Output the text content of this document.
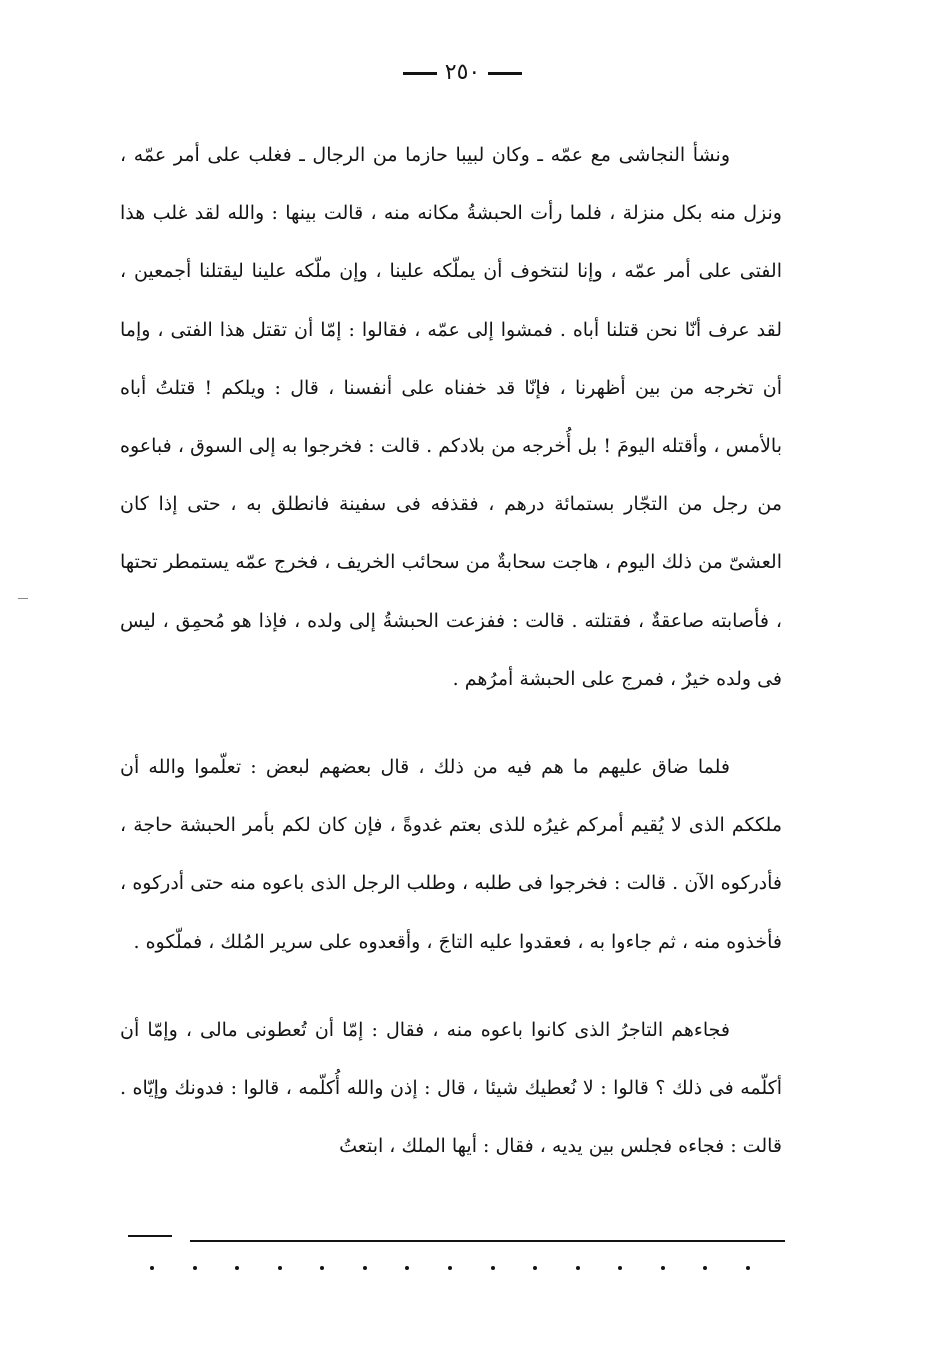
٢٥٠

ونشأ النجاشى مع عمّه ـ وكان لبيبا حازما من الرجال ـ فغلب على أمر عمّه ، ونزل منه بكل منزلة ، فلما رأت الحبشةُ مكانه منه ، قالت بينها : والله لقد غلب هذا الفتى على أمر عمّه ، وإنا لنتخوف أن يملّكه علينا ، وإن ملّكه علينا ليقتلنا أجمعين ، لقد عرف أنّا نحن قتلنا أباه . فمشوا إلى عمّه ، فقالوا : إمّا أن تقتل هذا الفتى ، وإما أن تخرجه من بين أظهرنا ، فإنّا قد خفناه على أنفسنا ، قال : ويلكم ! قتلتُ أباه بالأمس ، وأقتله اليومَ ! بل أُخرجه من بلادكم . قالت : فخرجوا به إلى السوق ، فباعوه من رجل من التجّار بستمائة درهم ، فقذفه فى سفينة فانطلق به ، حتى إذا كان العشىّ من ذلك اليوم ، هاجت سحابةٌ من سحائب الخريف ، فخرج عمّه يستمطر تحتها ، فأصابته صاعقةٌ ، فقتلته . قالت : ففزعت الحبشةُ إلى ولده ، فإذا هو مُحمِق ، ليس فى ولده خيرٌ ، فمرج على الحبشة أمرُهم .

فلما ضاق عليهم ما هم فيه من ذلك ، قال بعضهم لبعض : تعلّموا والله أن ملككم الذى لا يُقيم أمركم غيرُه للذى بعتم غدوةً ، فإن كان لكم بأمر الحبشة حاجة ، فأدركوه الآن . قالت : فخرجوا فى طلبه ، وطلب الرجل الذى باعوه منه حتى أدركوه ، فأخذوه منه ، ثم جاءوا به ، فعقدوا عليه التاجَ ، وأقعدوه على سرير المُلك ، فملّكوه .

فجاءهم التاجرُ الذى كانوا باعوه منه ، فقال : إمّا أن تُعطونى مالى ، وإمّا أن أكلّمه فى ذلك ؟ قالوا : لا نُعطيك شيئا ، قال : إذن والله أُكلّمه ، قالوا : فدونك وإيّاه . قالت : فجاءه فجلس بين يديه ، فقال : أيها الملك ، ابتعتُ
